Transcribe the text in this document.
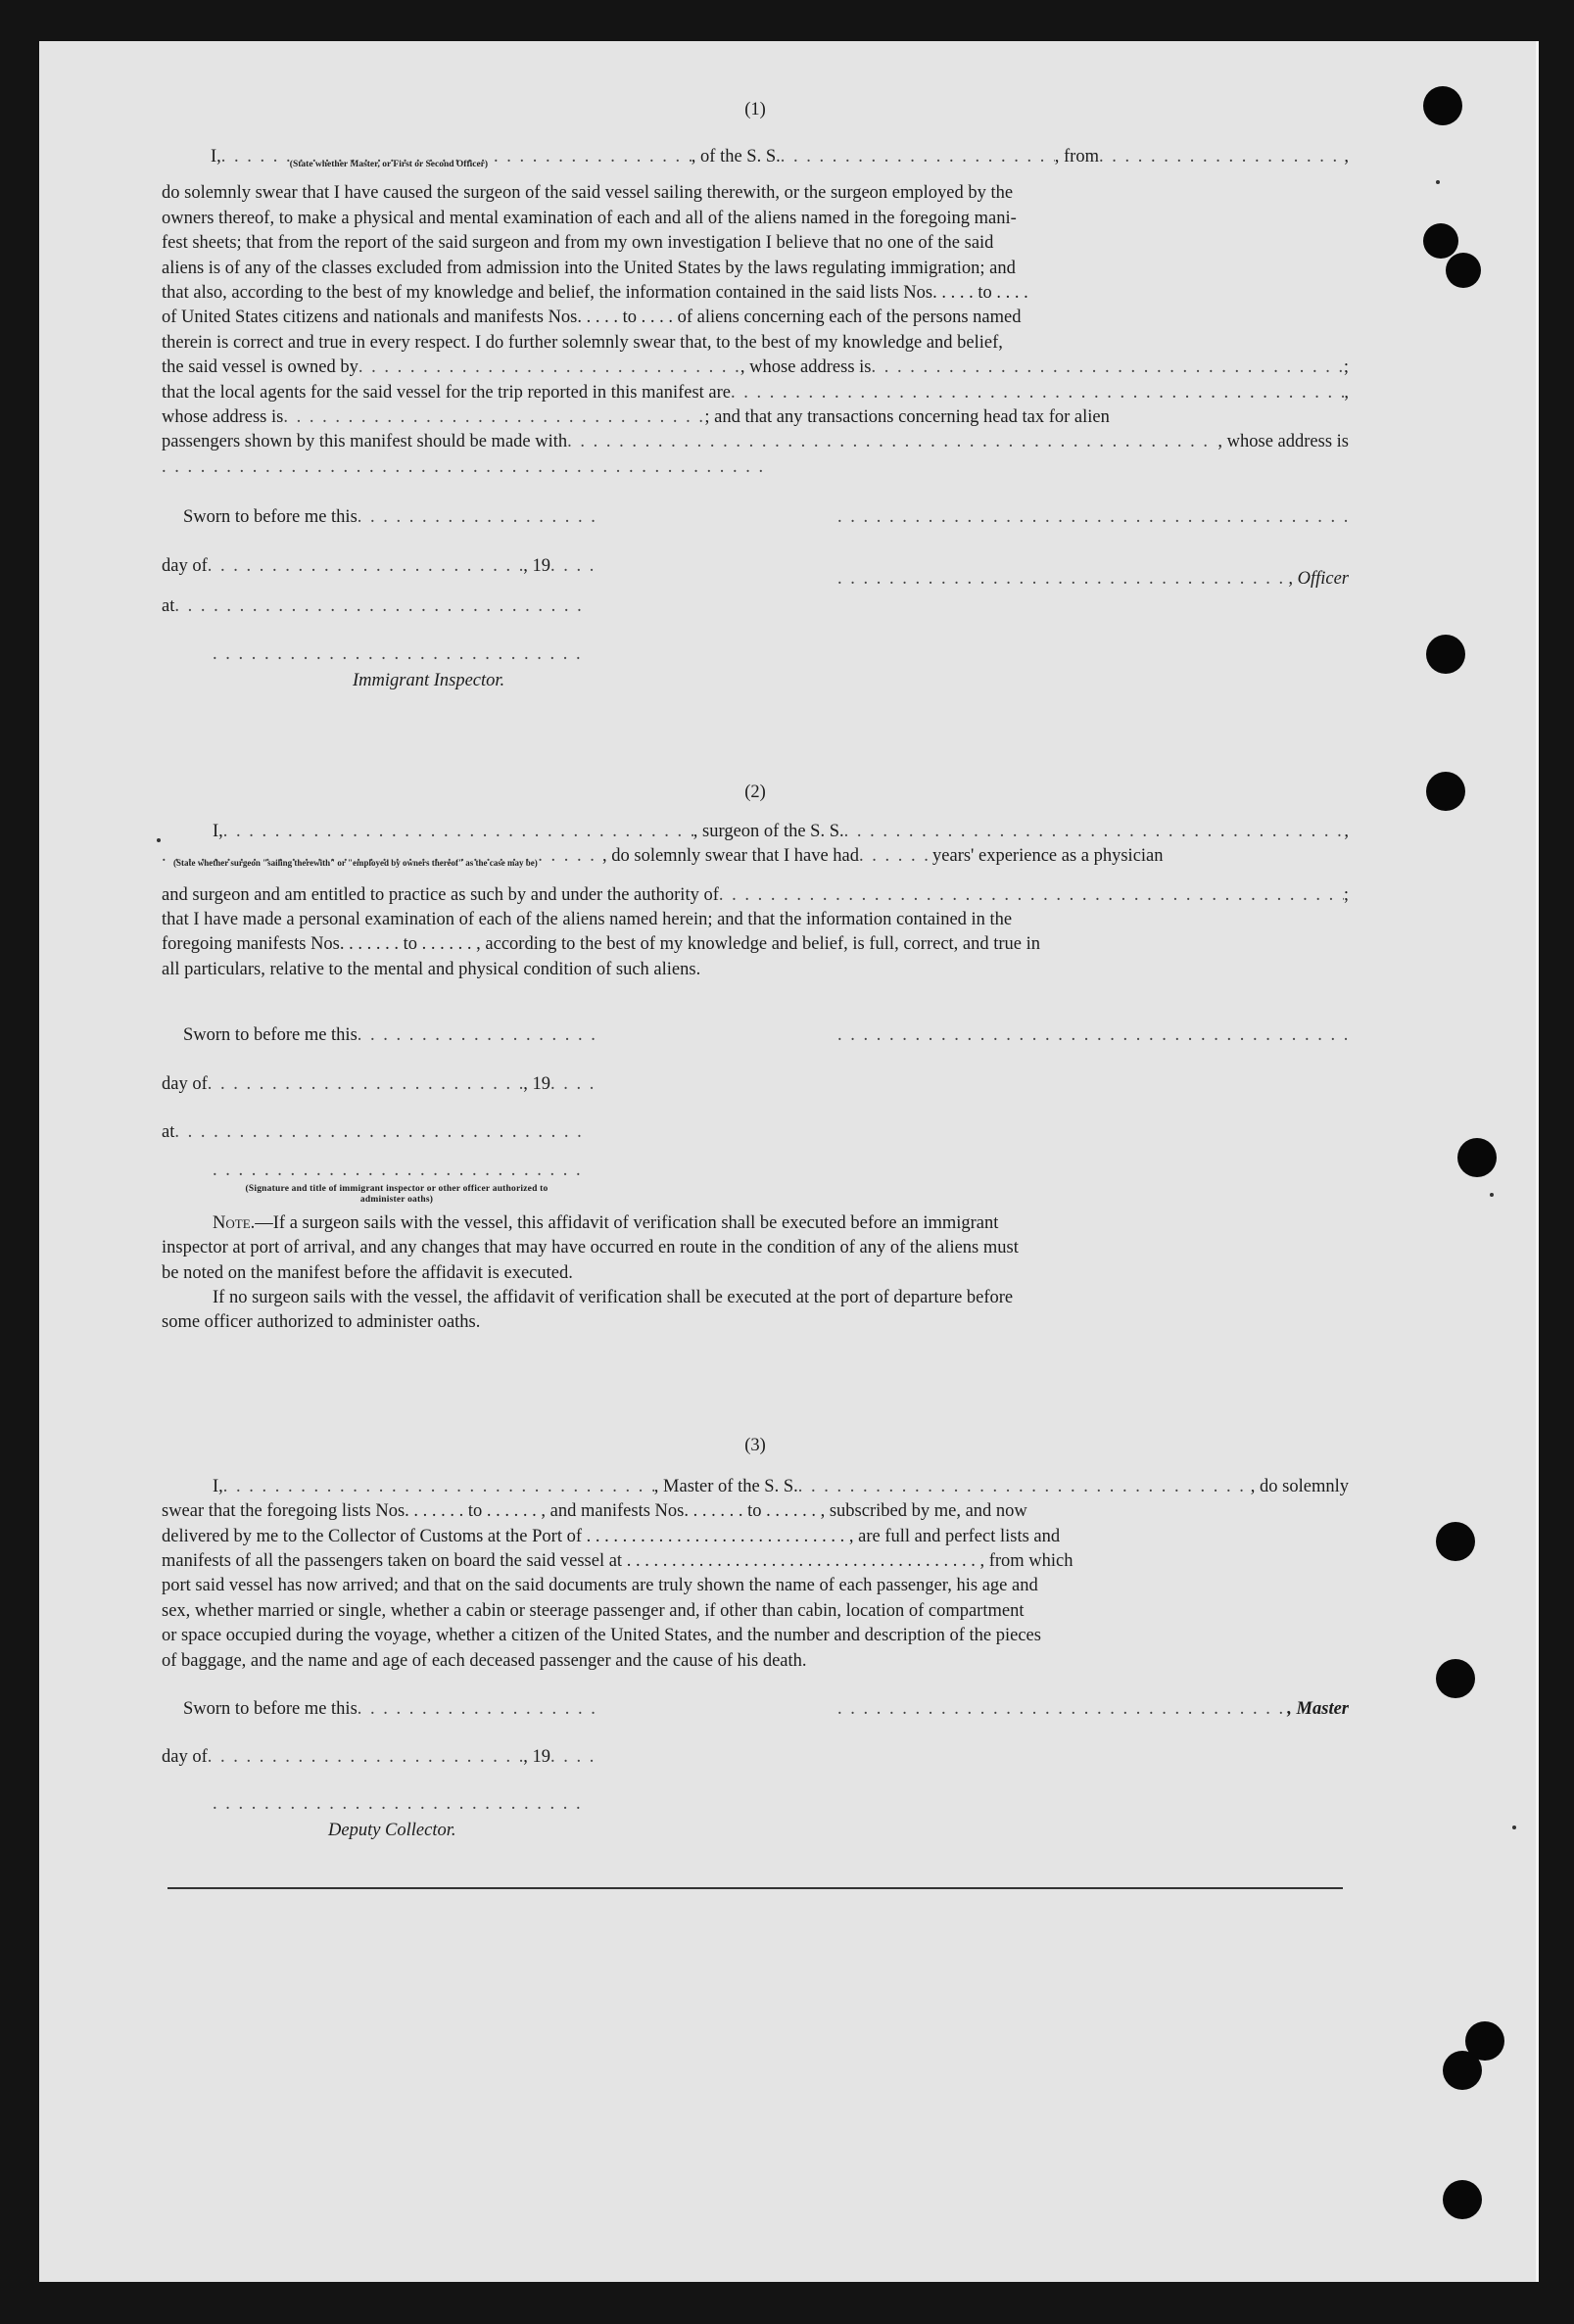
(1)

I,	(State whether Master, or First or Second Officer)
. . .	, of the S. S. . . .	, from . . .	,

do solemnly swear that I have caused the surgeon of the said vessel sailing therewith, or the surgeon employed by the

owners thereof, to make a physical and mental examination of each and all of the aliens named in the foregoing mani-

fest sheets; that from the report of the said surgeon and from my own investigation I believe that no one of the said

aliens is of any of the classes excluded from admission into the United States by the laws regulating immigration; and

that also, according to the best of my knowledge and belief, the information contained in the said lists Nos. . . . . to . . . .

of United States citizens and nationals and manifests Nos. . . . . to . . . . of aliens concerning each of the persons named

therein is correct and true in every respect. I do further solemnly swear that, to the best of my knowledge and belief,

the said vessel is owned by . . .	, whose address is . . .	;
that the local agents for the said vessel for the trip reported in this manifest are . . .	,
whose address is . . .	; and that any transactions concerning head tax for alien
passengers shown by this manifest should be made with . . .	, whose address is
. . .
Sworn to before me this
. . .
. . .
day of . . .	, 19
. . .
. . .
, Officer
at
. . .
. . .

Immigrant Inspector.

(2)

I, . . .	, surgeon of the S. S. . . .	,
(State whether surgeon "sailing therewith" or "employed by owners thereof" as the case may be)
. . .	, do solemnly swear that I have had . . .	years' experience as a physician
and surgeon and am entitled to practice as such by and under the authority of . . .	;

that I have made a personal examination of each of the aliens named herein; and that the information contained in the

foregoing manifests Nos. . . . . . . to . . . . . . , according to the best of my knowledge and belief, is full, correct, and true in

all particulars, relative to the mental and physical condition of such aliens.

Sworn to before me this
. . .
. . .
day of . . .	, 19
. . .
at
. . .
. . .
(Signature and title of immigrant inspector or other officer authorized to administer oaths)

Note.—If a surgeon sails with the vessel, this affidavit of verification shall be executed before an immigrant

inspector at port of arrival, and any changes that may have occurred en route in the condition of any of the aliens must

be noted on the manifest before the affidavit is executed.

If no surgeon sails with the vessel, the affidavit of verification shall be executed at the port of departure before

some officer authorized to administer oaths.

(3)

I, . . .	, Master of the S. S. . . .	, do solemnly

swear that the foregoing lists Nos. . . . . . . to . . . . . . , and manifests Nos. . . . . . . to . . . . . . , subscribed by me, and now

delivered by me to the Collector of Customs at the Port of . . . . . . . . . . . . . . . . . . . . . . . . . . . . . , are full and perfect lists and

manifests of all the passengers taken on board the said vessel at . . . . . . . . . . . . . . . . . . . . . . . . . . . . . . . . . . . . . . . , from which

port said vessel has now arrived; and that on the said documents are truly shown the name of each passenger, his age and

sex, whether married or single, whether a cabin or steerage passenger and, if other than cabin, location of compartment

or space occupied during the voyage, whether a citizen of the United States, and the number and description of the pieces

of baggage, and the name and age of each deceased passenger and the cause of his death.

Sworn to before me this . . . . . .	, Master
day of . . .	, 19
. . .
. . .

Deputy Collector.
